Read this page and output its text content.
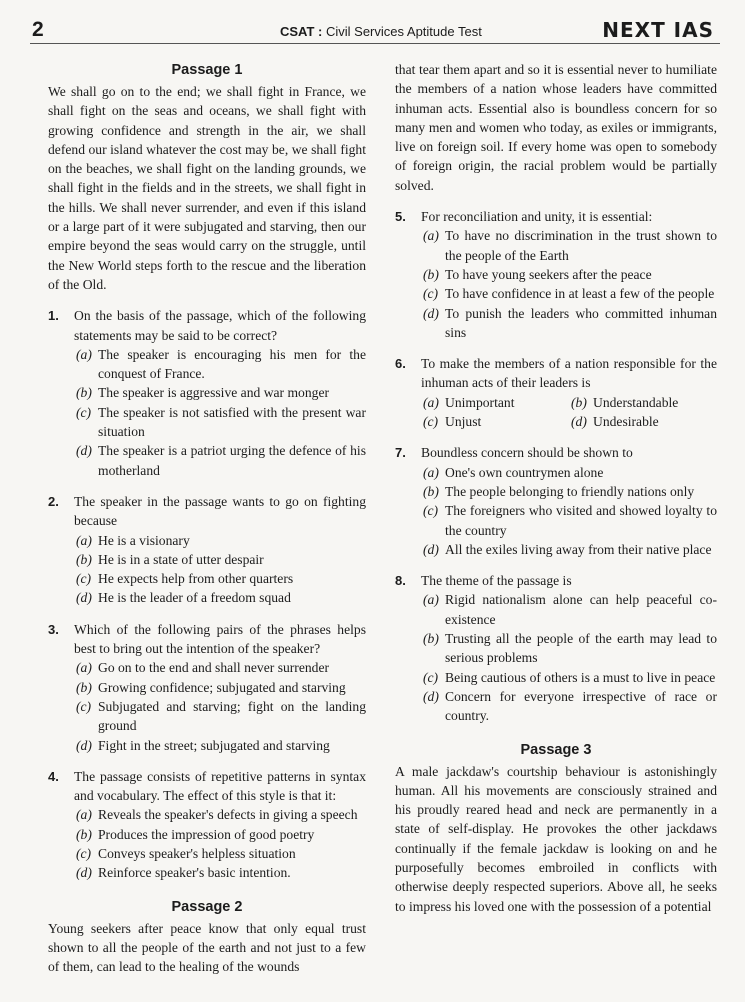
2	CSAT : Civil Services Aptitude Test	NEXT IAS
Passage 1

We shall go on to the end; we shall fight in France, we shall fight on the seas and oceans, we shall fight with growing confidence and strength in the air, we shall defend our island whatever the cost may be, we shall fight on the beaches, we shall fight on the landing grounds, we shall fight in the fields and in the streets, we shall fight in the hills. We shall never surrender, and even if this island or a large part of it were subjugated and starving, then our empire beyond the seas would carry on the struggle, until the New World steps forth to the rescue and the liberation of the Old.

1. On the basis of the passage, which of the following statements may be said to be correct?
(a) The speaker is encouraging his men for the conquest of France.
(b) The speaker is aggressive and war monger
(c) The speaker is not satisfied with the present war situation
(d) The speaker is a patriot urging the defence of his motherland
2. The speaker in the passage wants to go on fighting because
(a) He is a visionary
(b) He is in a state of utter despair
(c) He expects help from other quarters
(d) He is the leader of a freedom squad
3. Which of the following pairs of the phrases helps best to bring out the intention of the speaker?
(a) Go on to the end and shall never surrender
(b) Growing confidence; subjugated and starving
(c) Subjugated and starving; fight on the landing ground
(d) Fight in the street; subjugated and starving
4. The passage consists of repetitive patterns in syntax and vocabulary. The effect of this style is that it:
(a) Reveals the speaker's defects in giving a speech
(b) Produces the impression of good poetry
(c) Conveys speaker's helpless situation
(d) Reinforce speaker's basic intention.
Passage 2

Young seekers after peace know that only equal trust shown to all the people of the earth and not just to a few of them, can lead to the healing of the wounds

that tear them apart and so it is essential never to humiliate the members of a nation whose leaders have committed inhuman acts. Essential also is boundless concern for so many men and women who today, as exiles or immigrants, live on foreign soil. If every home was open to somebody of foreign origin, the racial problem would be partially solved.

5. For reconciliation and unity, it is essential:
(a) To have no discrimination in the trust shown to the people of the Earth
(b) To have young seekers after the peace
(c) To have confidence in at least a few of the people
(d) To punish the leaders who committed inhuman sins
6. To make the members of a nation responsible for the inhuman acts of their leaders is
(a) Unimportant	(b) Understandable
(c) Unjust	(d) Undesirable
7. Boundless concern should be shown to
(a) One's own countrymen alone
(b) The people belonging to friendly nations only
(c) The foreigners who visited and showed loyalty to the country
(d) All the exiles living away from their native place
8. The theme of the passage is
(a) Rigid nationalism alone can help peaceful co-existence
(b) Trusting all the people of the earth may lead to serious problems
(c) Being cautious of others is a must to live in peace
(d) Concern for everyone irrespective of race or country.
Passage 3

A male jackdaw's courtship behaviour is astonishingly human. All his movements are consciously strained and his proudly reared head and neck are permanently in a state of self-display. He provokes the other jackdaws continually if the female jackdaw is looking on and he purposefully becomes embroiled in conflicts with otherwise deeply respected superiors. Above all, he seeks to impress his loved one with the possession of a potential
